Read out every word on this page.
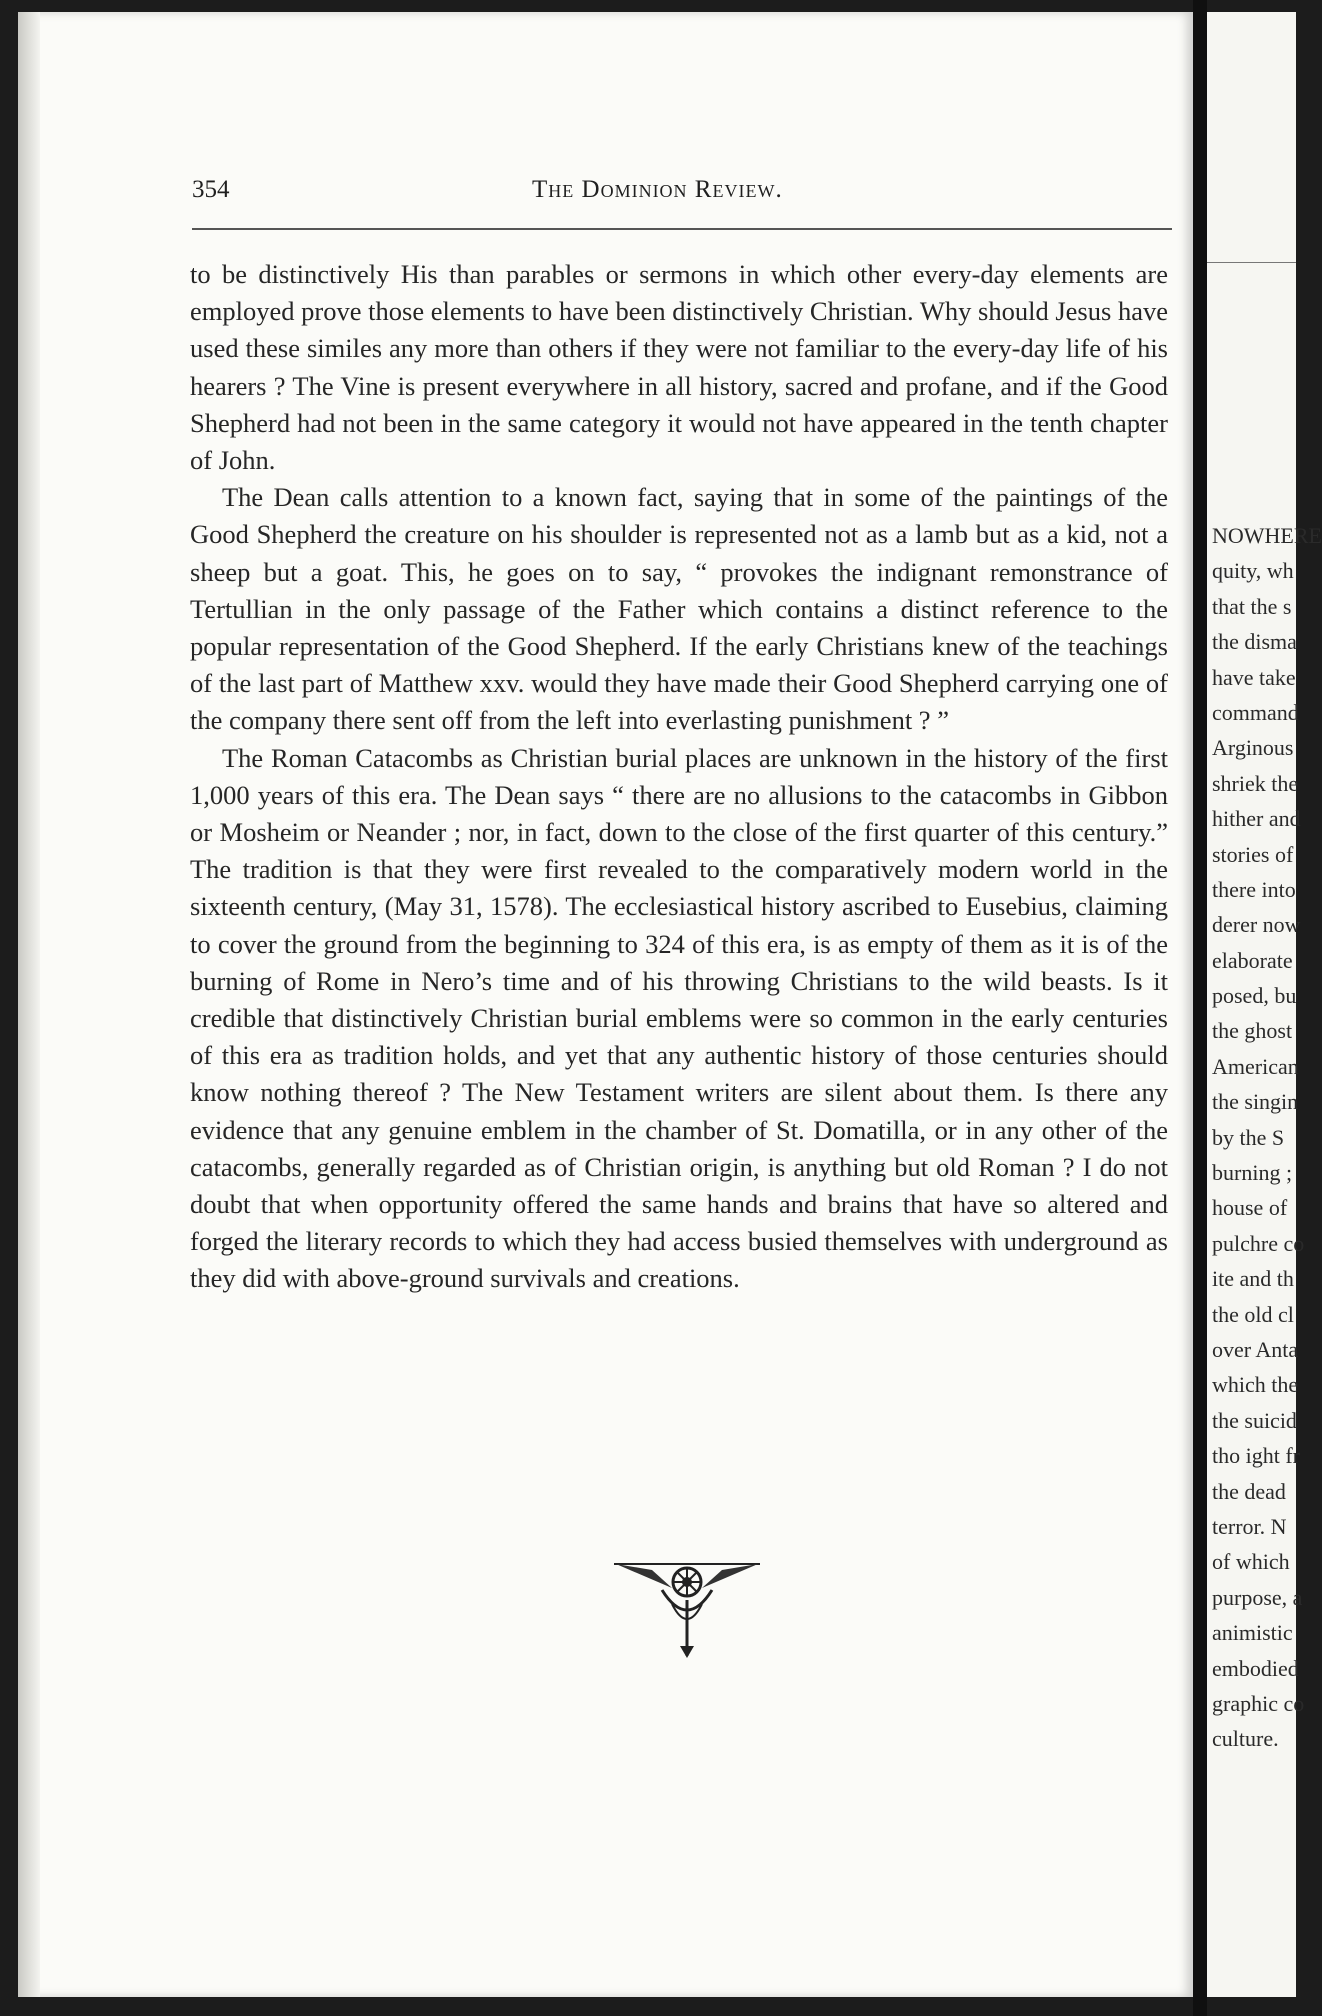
NOWHERE
quity, wh
that the s
the disma
have take
command
Arginous
shriek the
hither and
stories of
there into
derer now
elaborate
posed, bu
the ghost
American
the singin
by the S
burning ;
house of
pulchre co
ite and th
the old cl
over Anta
which the
the suicid
tho ight fr
the dead
terror. N
of which
purpose, a
animistic
embodied
graphic co
culture.
354	The Dominion Review.

to be distinctively His than parables or sermons in which other every-day elements are employed prove those elements to have been distinctively Christian. Why should Jesus have used these similes any more than others if they were not familiar to the every-day life of his hearers ? The Vine is present everywhere in all history, sacred and profane, and if the Good Shepherd had not been in the same category it would not have appeared in the tenth chapter of John.

The Dean calls attention to a known fact, saying that in some of the paintings of the Good Shepherd the creature on his shoulder is represented not as a lamb but as a kid, not a sheep but a goat. This, he goes on to say, “ provokes the indignant remonstrance of Tertullian in the only passage of the Father which contains a distinct reference to the popular representation of the Good Shepherd. If the early Christians knew of the teachings of the last part of Matthew xxv. would they have made their Good Shepherd carrying one of the company there sent off from the left into everlasting punishment ? ”

The Roman Catacombs as Christian burial places are unknown in the history of the first 1,000 years of this era. The Dean says “ there are no allusions to the catacombs in Gibbon or Mosheim or Neander ; nor, in fact, down to the close of the first quarter of this century.” The tradition is that they were first revealed to the comparatively modern world in the sixteenth century, (May 31, 1578). The ecclesiastical history ascribed to Eusebius, claiming to cover the ground from the beginning to 324 of this era, is as empty of them as it is of the burning of Rome in Nero’s time and of his throwing Christians to the wild beasts. Is it credible that distinctively Christian burial emblems were so common in the early centuries of this era as tradition holds, and yet that any authentic history of those centuries should know nothing thereof ? The New Testament writers are silent about them. Is there any evidence that any genuine emblem in the chamber of St. Domatilla, or in any other of the catacombs, generally regarded as of Christian origin, is anything but old Roman ? I do not doubt that when opportunity offered the same hands and brains that have so altered and forged the literary records to which they had access busied themselves with underground as they did with above-ground survivals and creations.
